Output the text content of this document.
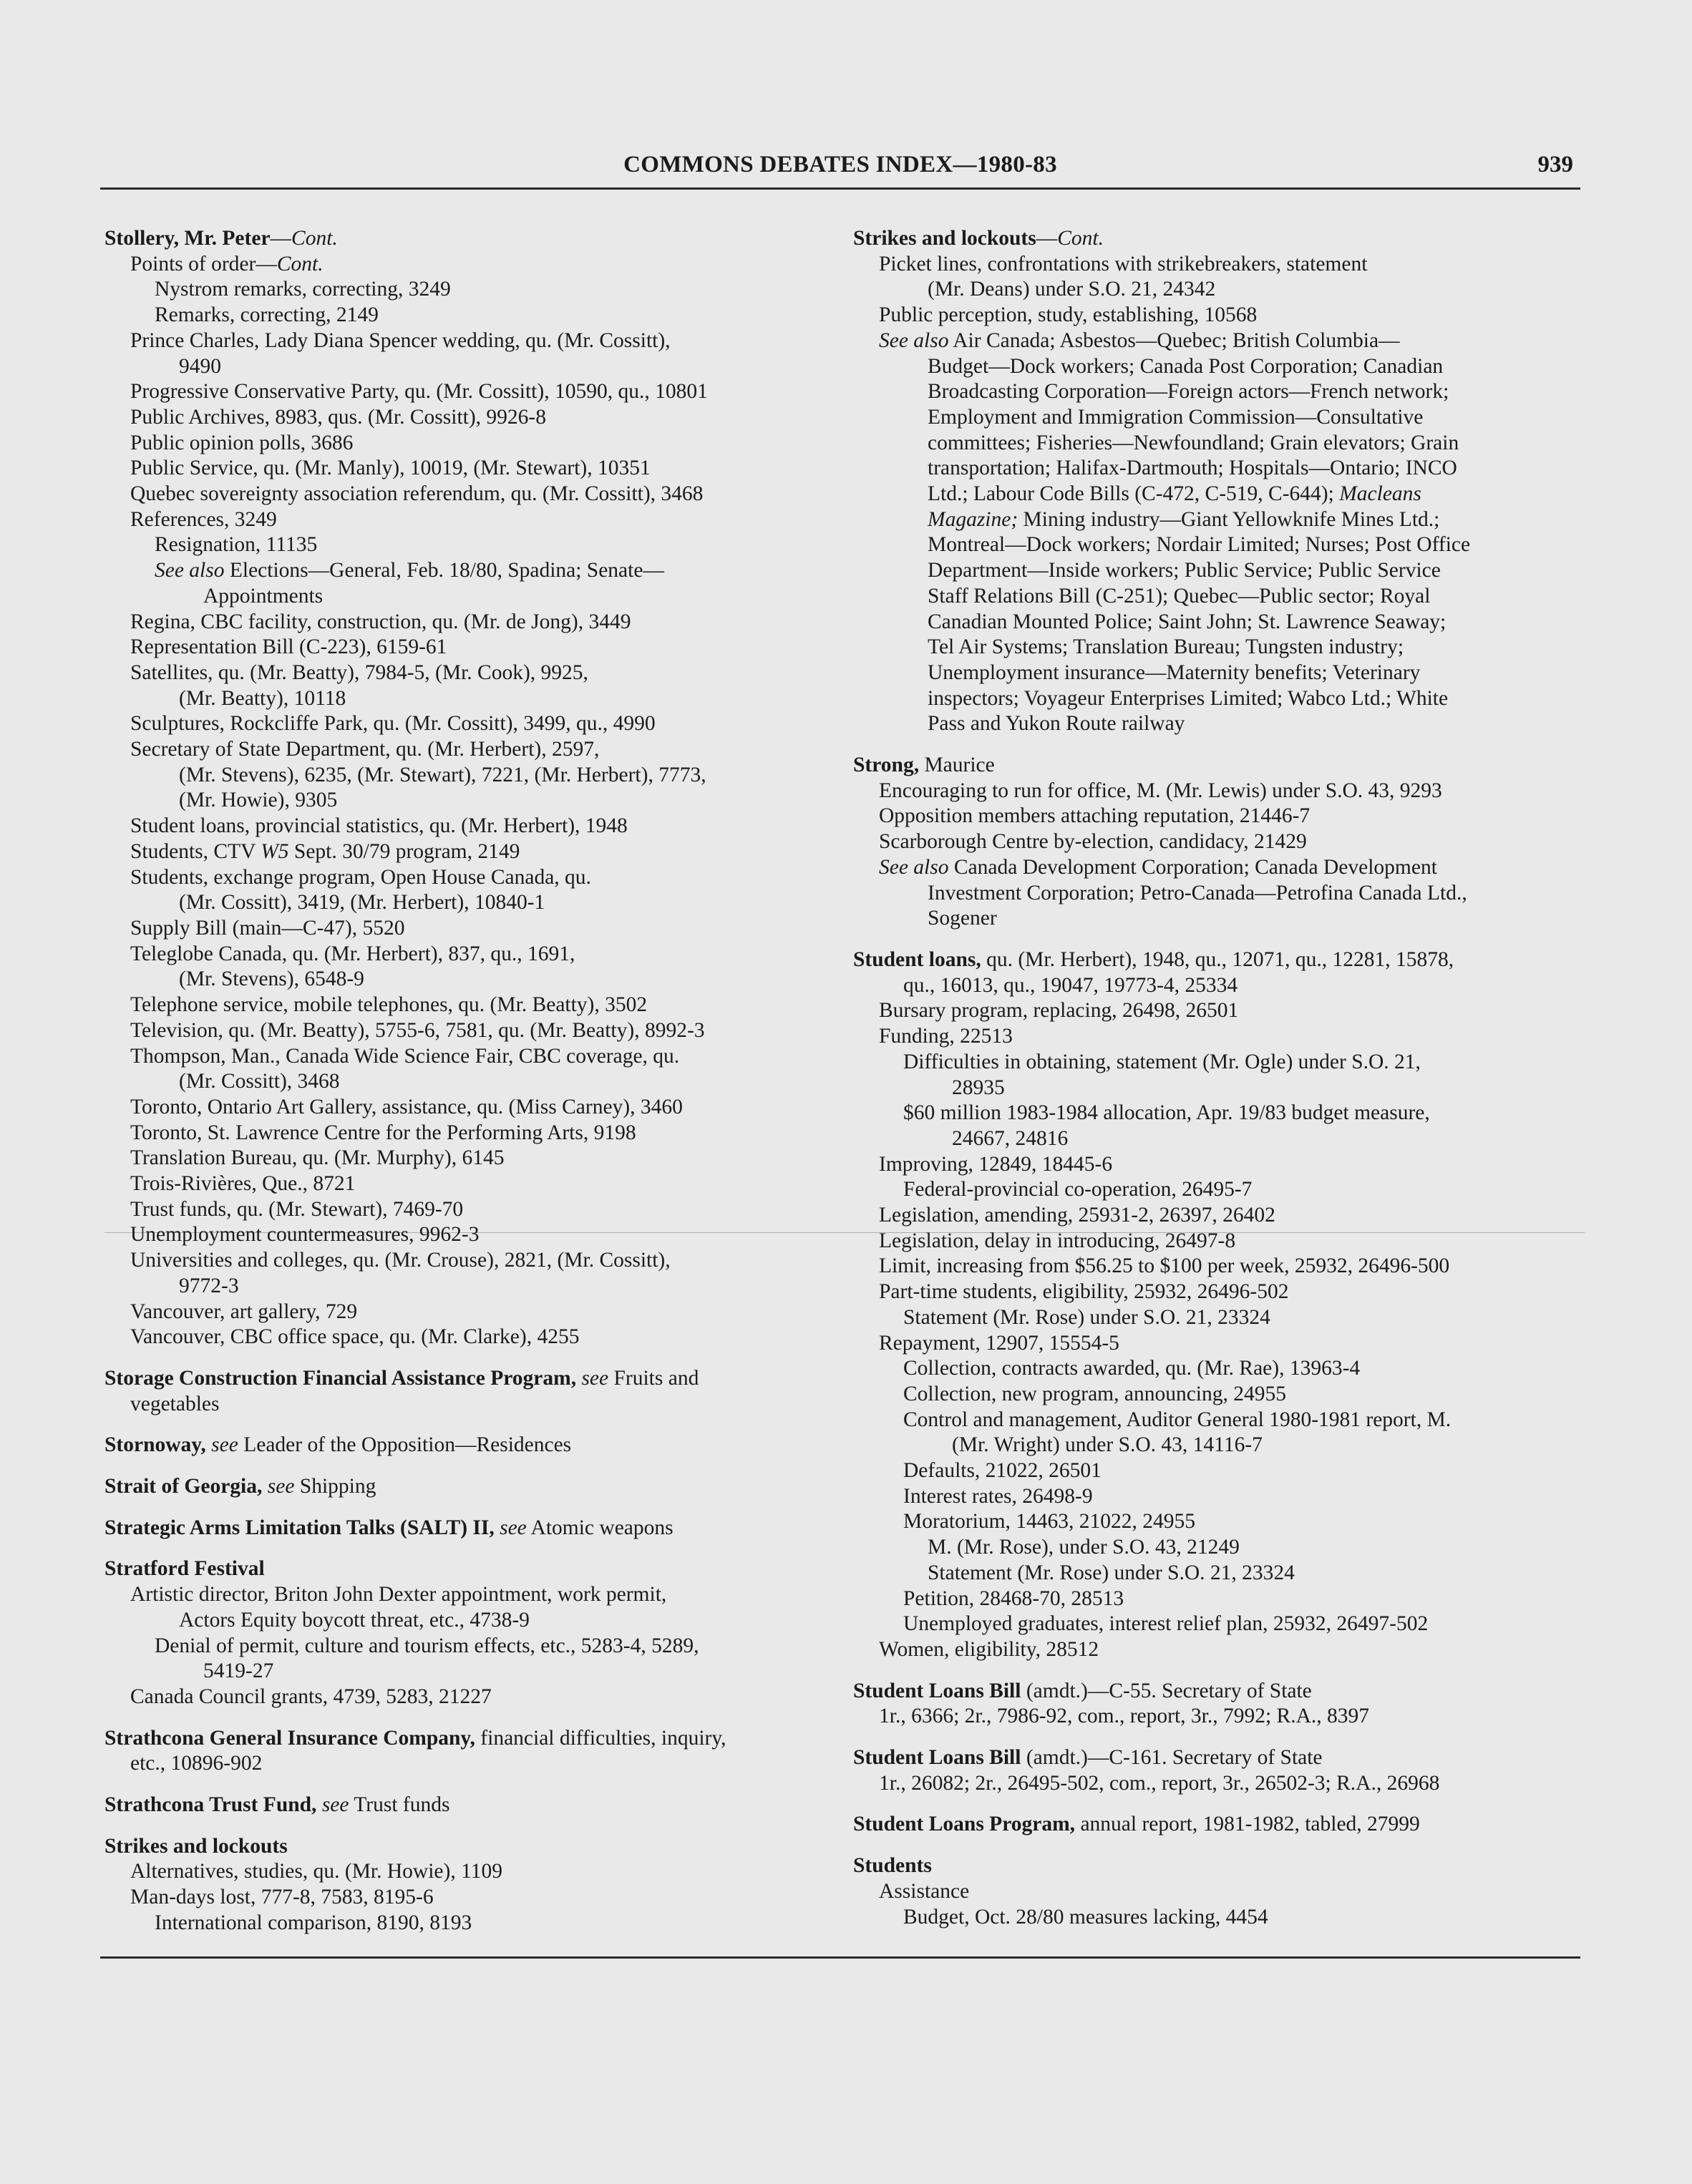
COMMONS DEBATES INDEX—1980-83	939
Stollery, Mr. Peter—Cont.
Points of order—Cont.
Nystrom remarks, correcting, 3249
Remarks, correcting, 2149
Prince Charles, Lady Diana Spencer wedding, qu. (Mr. Cossitt),
9490
Progressive Conservative Party, qu. (Mr. Cossitt), 10590, qu., 10801
Public Archives, 8983, qus. (Mr. Cossitt), 9926-8
Public opinion polls, 3686
Public Service, qu. (Mr. Manly), 10019, (Mr. Stewart), 10351
Quebec sovereignty association referendum, qu. (Mr. Cossitt), 3468
References, 3249
Resignation, 11135
See also Elections—General, Feb. 18/80, Spadina; Senate—
Appointments
Regina, CBC facility, construction, qu. (Mr. de Jong), 3449
Representation Bill (C-223), 6159-61
Satellites, qu. (Mr. Beatty), 7984-5, (Mr. Cook), 9925,
(Mr. Beatty), 10118
Sculptures, Rockcliffe Park, qu. (Mr. Cossitt), 3499, qu., 4990
Secretary of State Department, qu. (Mr. Herbert), 2597,
(Mr. Stevens), 6235, (Mr. Stewart), 7221, (Mr. Herbert), 7773,
(Mr. Howie), 9305
Student loans, provincial statistics, qu. (Mr. Herbert), 1948
Students, CTV W5 Sept. 30/79 program, 2149
Students, exchange program, Open House Canada, qu.
(Mr. Cossitt), 3419, (Mr. Herbert), 10840-1
Supply Bill (main—C-47), 5520
Teleglobe Canada, qu. (Mr. Herbert), 837, qu., 1691,
(Mr. Stevens), 6548-9
Telephone service, mobile telephones, qu. (Mr. Beatty), 3502
Television, qu. (Mr. Beatty), 5755-6, 7581, qu. (Mr. Beatty), 8992-3
Thompson, Man., Canada Wide Science Fair, CBC coverage, qu.
(Mr. Cossitt), 3468
Toronto, Ontario Art Gallery, assistance, qu. (Miss Carney), 3460
Toronto, St. Lawrence Centre for the Performing Arts, 9198
Translation Bureau, qu. (Mr. Murphy), 6145
Trois-Rivières, Que., 8721
Trust funds, qu. (Mr. Stewart), 7469-70
Unemployment countermeasures, 9962-3
Universities and colleges, qu. (Mr. Crouse), 2821, (Mr. Cossitt),
9772-3
Vancouver, art gallery, 729
Vancouver, CBC office space, qu. (Mr. Clarke), 4255
Storage Construction Financial Assistance Program, see Fruits and
vegetables
Stornoway, see Leader of the Opposition—Residences
Strait of Georgia, see Shipping
Strategic Arms Limitation Talks (SALT) II, see Atomic weapons
Stratford Festival
Artistic director, Briton John Dexter appointment, work permit,
Actors Equity boycott threat, etc., 4738-9
Denial of permit, culture and tourism effects, etc., 5283-4, 5289,
5419-27
Canada Council grants, 4739, 5283, 21227
Strathcona General Insurance Company, financial difficulties, inquiry,
etc., 10896-902
Strathcona Trust Fund, see Trust funds
Strikes and lockouts
Alternatives, studies, qu. (Mr. Howie), 1109
Man-days lost, 777-8, 7583, 8195-6
International comparison, 8190, 8193
Strikes and lockouts—Cont.
Picket lines, confrontations with strikebreakers, statement
(Mr. Deans) under S.O. 21, 24342
Public perception, study, establishing, 10568
See also Air Canada; Asbestos—Quebec; British Columbia—
Budget—Dock workers; Canada Post Corporation; Canadian
Broadcasting Corporation—Foreign actors—French network;
Employment and Immigration Commission—Consultative
committees; Fisheries—Newfoundland; Grain elevators; Grain
transportation; Halifax-Dartmouth; Hospitals—Ontario; INCO
Ltd.; Labour Code Bills (C-472, C-519, C-644); Macleans
Magazine; Mining industry—Giant Yellowknife Mines Ltd.;
Montreal—Dock workers; Nordair Limited; Nurses; Post Office
Department—Inside workers; Public Service; Public Service
Staff Relations Bill (C-251); Quebec—Public sector; Royal
Canadian Mounted Police; Saint John; St. Lawrence Seaway;
Tel Air Systems; Translation Bureau; Tungsten industry;
Unemployment insurance—Maternity benefits; Veterinary
inspectors; Voyageur Enterprises Limited; Wabco Ltd.; White
Pass and Yukon Route railway
Strong, Maurice
Encouraging to run for office, M. (Mr. Lewis) under S.O. 43, 9293
Opposition members attaching reputation, 21446-7
Scarborough Centre by-election, candidacy, 21429
See also Canada Development Corporation; Canada Development
Investment Corporation; Petro-Canada—Petrofina Canada Ltd.,
Sogener
Student loans, qu. (Mr. Herbert), 1948, qu., 12071, qu., 12281, 15878,
qu., 16013, qu., 19047, 19773-4, 25334
Bursary program, replacing, 26498, 26501
Funding, 22513
Difficulties in obtaining, statement (Mr. Ogle) under S.O. 21,
28935
$60 million 1983-1984 allocation, Apr. 19/83 budget measure,
24667, 24816
Improving, 12849, 18445-6
Federal-provincial co-operation, 26495-7
Legislation, amending, 25931-2, 26397, 26402
Legislation, delay in introducing, 26497-8
Limit, increasing from $56.25 to $100 per week, 25932, 26496-500
Part-time students, eligibility, 25932, 26496-502
Statement (Mr. Rose) under S.O. 21, 23324
Repayment, 12907, 15554-5
Collection, contracts awarded, qu. (Mr. Rae), 13963-4
Collection, new program, announcing, 24955
Control and management, Auditor General 1980-1981 report, M.
(Mr. Wright) under S.O. 43, 14116-7
Defaults, 21022, 26501
Interest rates, 26498-9
Moratorium, 14463, 21022, 24955
M. (Mr. Rose), under S.O. 43, 21249
Statement (Mr. Rose) under S.O. 21, 23324
Petition, 28468-70, 28513
Unemployed graduates, interest relief plan, 25932, 26497-502
Women, eligibility, 28512
Student Loans Bill (amdt.)—C-55. Secretary of State
1r., 6366; 2r., 7986-92, com., report, 3r., 7992; R.A., 8397
Student Loans Bill (amdt.)—C-161. Secretary of State
1r., 26082; 2r., 26495-502, com., report, 3r., 26502-3; R.A., 26968
Student Loans Program, annual report, 1981-1982, tabled, 27999
Students
Assistance
Budget, Oct. 28/80 measures lacking, 4454
